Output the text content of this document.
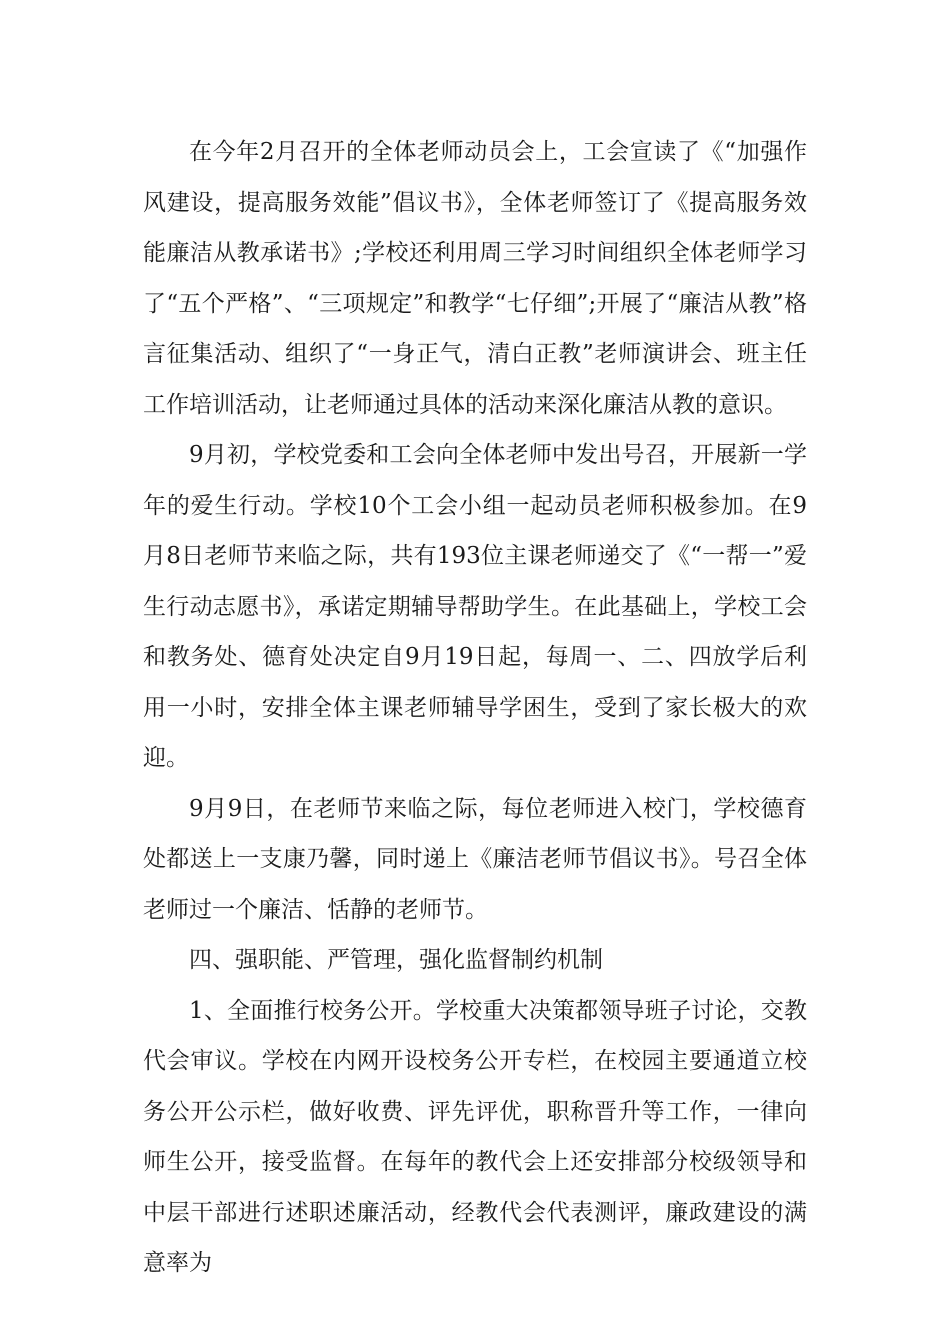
在今年2月召开的全体老师动员会上，工会宣读了《“加强作风建设，提高服务效能”倡议书》，全体老师签订了《提高服务效能廉洁从教承诺书》;学校还利用周三学习时间组织全体老师学习了“五个严格”、“三项规定”和教学“七仔细”;开展了“廉洁从教”格言征集活动、组织了“一身正气，清白正教”老师演讲会、班主任工作培训活动，让老师通过具体的活动来深化廉洁从教的意识。

9月初，学校党委和工会向全体老师中发出号召，开展新一学年的爱生行动。学校10个工会小组一起动员老师积极参加。在9月8日老师节来临之际，共有193位主课老师递交了《“一帮一”爱生行动志愿书》，承诺定期辅导帮助学生。在此基础上，学校工会和教务处、德育处决定自9月19日起，每周一、二、四放学后利用一小时，安排全体主课老师辅导学困生，受到了家长极大的欢迎。

9月9日，在老师节来临之际，每位老师进入校门，学校德育处都送上一支康乃馨，同时递上《廉洁老师节倡议书》。号召全体老师过一个廉洁、恬静的老师节。

四、强职能、严管理，强化监督制约机制

1、全面推行校务公开。学校重大决策都领导班子讨论，交教代会审议。学校在内网开设校务公开专栏，在校园主要通道立校务公开公示栏，做好收费、评先评优，职称晋升等工作，一律向师生公开，接受监督。在每年的教代会上还安排部分校级领导和中层干部进行述职述廉活动，经教代会代表测评，廉政建设的满意率为
